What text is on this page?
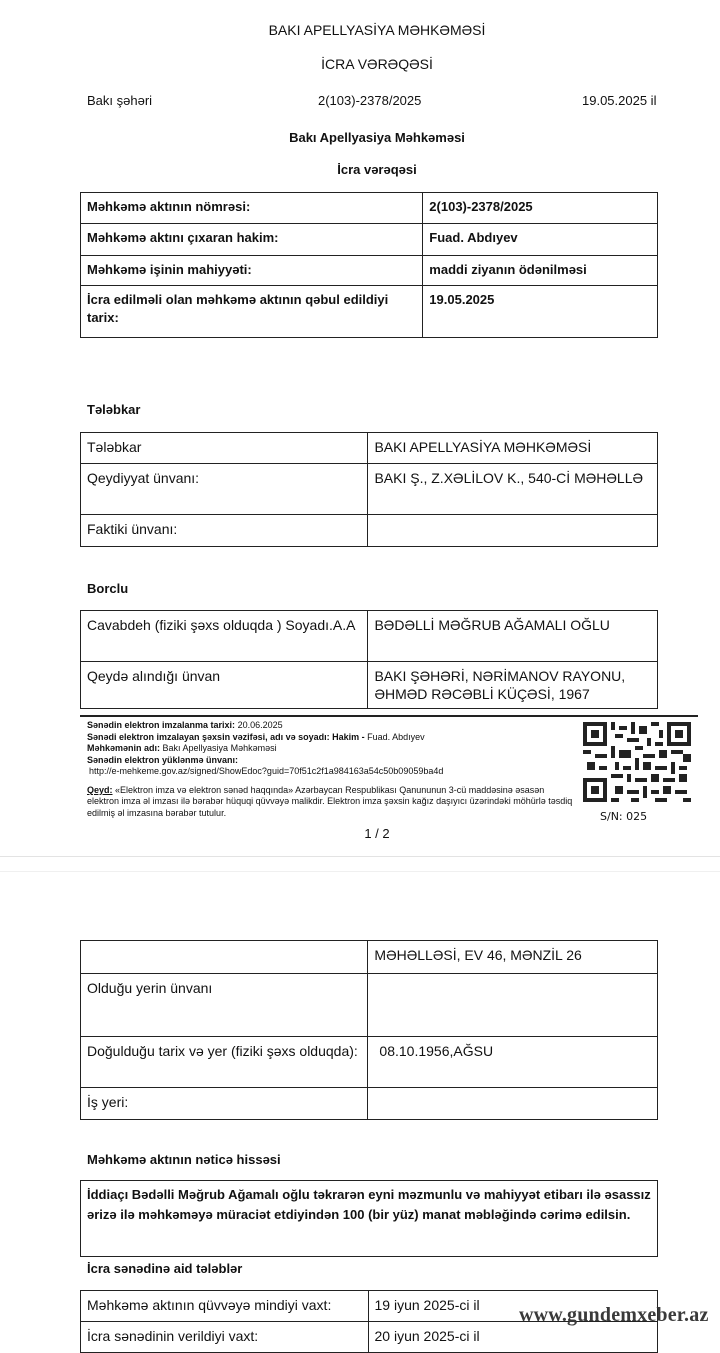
BAKI APELLYASİYA MƏHKƏMƏSİ
İCRA VƏRƏQƏSİ
Bakı şəhəri	2(103)-2378/2025	19.05.2025 il
Bakı Apellyasiya Məhkəməsi
İcra vərəqəsi
Məhkəmə aktının nömrəsi:	2(103)-2378/2025
Məhkəmə aktını çıxaran hakim:	Fuad. Abdıyev
Məhkəmə işinin mahiyyəti:	maddi ziyanın ödənilməsi
İcra edilməli olan məhkəmə aktının qəbul edildiyi tarix:	19.05.2025
Tələbkar
Tələbkar	BAKI APELLYASİYA MƏHKƏMƏSİ
Qeydiyyat ünvanı:	BAKI Ş., Z.XƏLİLOV K., 540-Cİ MƏHƏLLƏ
Faktiki ünvanı:	
Borclu
Cavabdeh (fiziki şəxs olduqda ) Soyadı.A.A	BƏDƏLLİ MƏĞRUB AĞAMALI OĞLU
Qeydə alındığı ünvan	BAKI ŞƏHƏRİ, NƏRİMANOV RAYONU, ƏHMƏD RƏCƏBLİ KÜÇƏSİ, 1967
Sənədin elektron imzalanma tarixi: 20.06.2025
Sənədi elektron imzalayan şəxsin vəzifəsi, adı və soyadı: Hakim - Fuad. Abdıyev
Məhkəmənin adı: Bakı Apellyasiya Məhkəməsi
Sənədin elektron yüklənmə ünvanı:
http://e-mehkeme.gov.az/signed/ShowEdoc?guid=70f51c2f1a984163a54c50b09059ba4d
Qeyd: «Elektron imza və elektron sənəd haqqında» Azərbaycan Respublikası Qanununun 3-cü maddəsinə əsasən elektron imza əl imzası ilə bərabər hüquqi qüvvəyə malikdir. Elektron imza şəxsin kağız daşıyıcı üzərindəki möhürlə təsdiq edilmiş əl imzasına bərabər tutulur.	S/N: 025
1 / 2
	MƏHƏLLƏSİ, EV 46, MƏNZİL 26
Olduğu yerin ünvanı	
Doğulduğu tarix və yer (fiziki şəxs olduqda):	08.10.1956,AĞSU
İş yeri:	
Məhkəmə aktının nəticə hissəsi
İddiaçı Bədəlli Məğrub Ağamalı oğlu təkrarən eyni məzmunlu və mahiyyət etibarı ilə əsassız ərizə ilə məhkəməyə müraciət etdiyindən 100 (bir yüz) manat məbləğində cərimə edilsin.
İcra sənədinə aid tələblər
Məhkəmə aktının qüvvəyə mindiyi vaxt:	19 iyun 2025-ci il
İcra sənədinin verildiyi vaxt:	20 iyun 2025-ci il
www.gundemxeber.az
